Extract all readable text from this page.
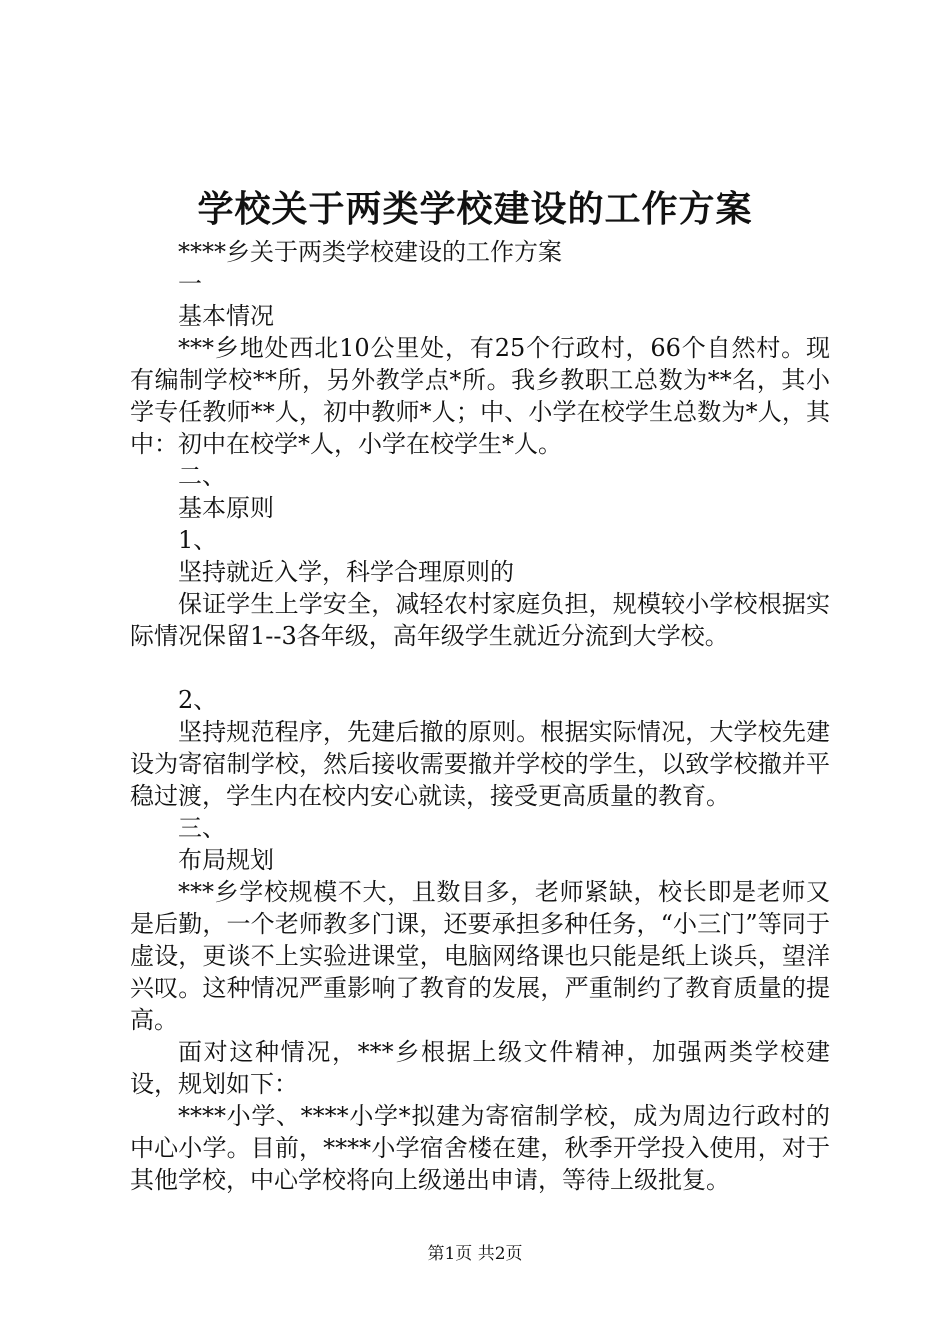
学校关于两类学校建设的工作方案

****乡关于两类学校建设的工作方案

一

基本情况

***乡地处西北10公里处，有25个行政村，66个自然村。现有编制学校**所，另外教学点*所。我乡教职工总数为**名，其小学专任教师**人，初中教师*人；中、小学在校学生总数为*人，其中：初中在校学*人，小学在校学生*人。

二、

基本原则

1、

坚持就近入学，科学合理原则的

保证学生上学安全，减轻农村家庭负担，规模较小学校根据实际情况保留1--3各年级，高年级学生就近分流到大学校。

2、

坚持规范程序，先建后撤的原则。根据实际情况，大学校先建设为寄宿制学校，然后接收需要撤并学校的学生，以致学校撤并平稳过渡，学生内在校内安心就读，接受更高质量的教育。

三、

布局规划

***乡学校规模不大，且数目多，老师紧缺，校长即是老师又是后勤，一个老师教多门课，还要承担多种任务，“小三门”等同于虚设，更谈不上实验进课堂，电脑网络课也只能是纸上谈兵，望洋兴叹。这种情况严重影响了教育的发展，严重制约了教育质量的提高。

面对这种情况，***乡根据上级文件精神，加强两类学校建设，规划如下：

****小学、****小学*拟建为寄宿制学校，成为周边行政村的中心小学。目前，****小学宿舍楼在建，秋季开学投入使用，对于其他学校，中心学校将向上级递出申请，等待上级批复。

第1页 共2页
